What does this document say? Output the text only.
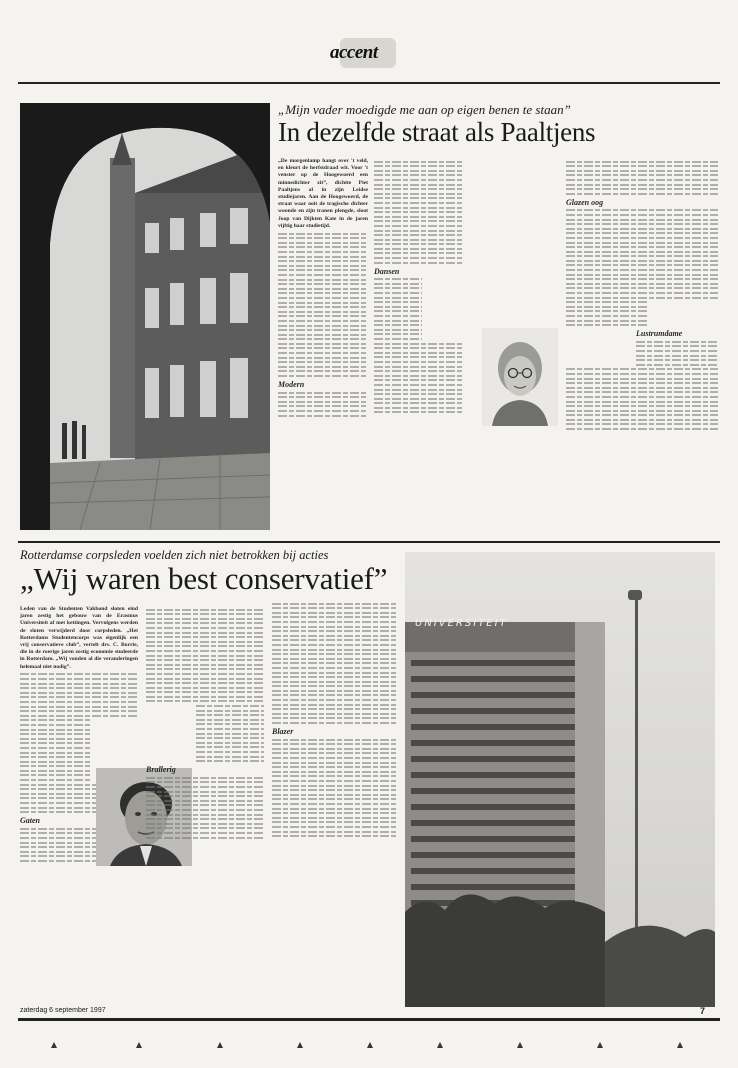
accent
„Mijn vader moedigde me aan op eigen benen te staan”
In dezelfde straat als Paaltjens

„De morgenlamp hangt over 't veld, en kleurt de herfstdraad wit. Voor 't venster op de Hoogewoerd een minnedichter zit”, dichtte Piet Paaltjens al in zijn Leidse studiejaren. Aan de Hoogewoerd, de straat waar ooit de tragische dichter woonde en zijn tranen plengde, sloot Joop van Dijkten Kate in de jaren vijftig haar studietijd.

Modern
Dansen
Glazen oog
Lustrumdame
Rotterdamse corpsleden voelden zich niet betrokken bij acties
„Wij waren best conservatief”

Leden van de Studenten Vakbond sloten eind jaren zestig het gebouw van de Erasmus Universiteit af met kettingen. Vervolgens werden de sloten verwijderd door corpsleden. „Het Rotterdams Studentencorps was eigenlijk een vrij conservatieve club”, vertelt drs. C. Borrie, die in de roerige jaren zestig economie studeerde in Rotterdam. „Wij vonden al die veranderingen helemaal niet nodig”.

Gaten
Brallerig
Blazer
UNIVERSITEIT
zaterdag 6 september 1997	7
